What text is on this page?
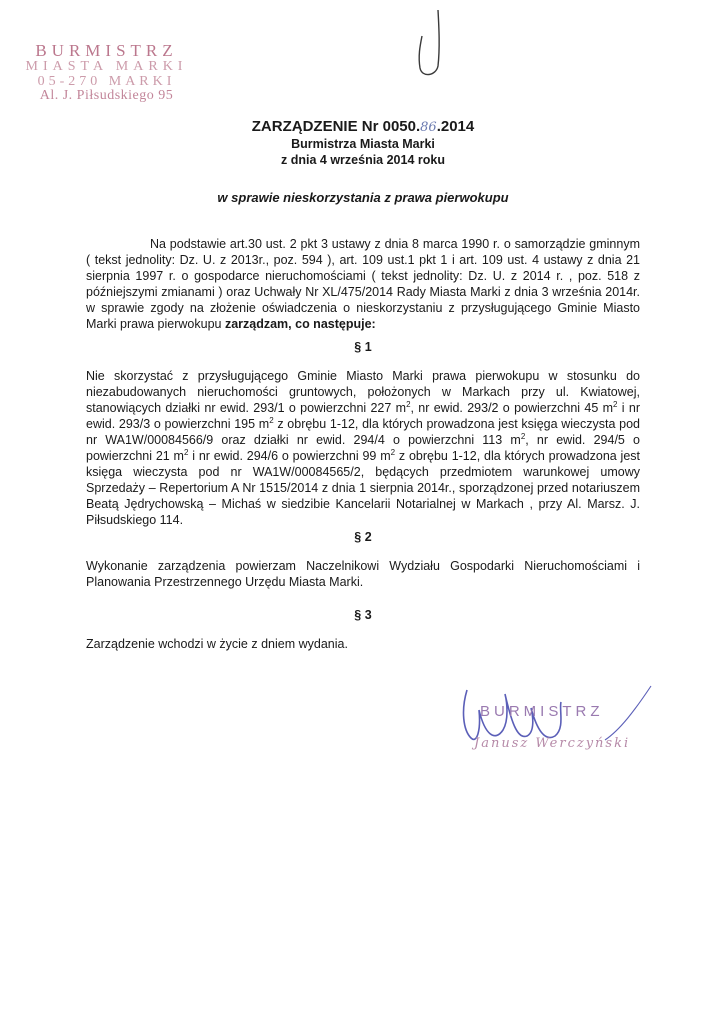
BURMISTRZ
MIASTA MARKI
05-270 MARKI
Al. J. Piłsudskiego 95
ZARZĄDZENIE Nr 0050.86.2014
Burmistrza Miasta Marki
z dnia 4 września 2014 roku
w sprawie nieskorzystania z prawa pierwokupu

Na podstawie art.30 ust. 2 pkt 3 ustawy z dnia 8 marca 1990 r. o samorządzie gminnym ( tekst jednolity: Dz. U. z 2013r., poz. 594 ), art. 109 ust.1 pkt 1 i art. 109 ust. 4 ustawy z dnia 21 sierpnia 1997 r. o gospodarce nieruchomościami ( tekst jednolity: Dz. U. z 2014 r. , poz. 518 z późniejszymi zmianami ) oraz Uchwały Nr XL/475/2014 Rady Miasta Marki z dnia 3 września 2014r. w sprawie zgody na złożenie oświadczenia o nieskorzystaniu z przysługującego Gminie Miasto Marki prawa pierwokupu zarządzam, co następuje:

§ 1

Nie skorzystać z przysługującego Gminie Miasto Marki prawa pierwokupu w stosunku do niezabudowanych nieruchomości gruntowych, położonych w Markach przy ul. Kwiatowej, stanowiących działki nr ewid. 293/1 o powierzchni 227 $m^2$, nr ewid. 293/2 o powierzchni 45 $m^2$ i nr ewid. 293/3 o powierzchni 195 $m^2$ z obrębu 1-12, dla których prowadzona jest księga wieczysta pod nr WA1W/00084566/9 oraz działki nr ewid. 294/4 o powierzchni 113 $m^2$, nr ewid. 294/5 o powierzchni 21 $m^2$ i nr ewid. 294/6 o powierzchni 99 $m^2$ z obrębu 1-12, dla których prowadzona jest księga wieczysta pod nr WA1W/00084565/2, będących przedmiotem warunkowej umowy Sprzedaży – Repertorium A Nr 1515/2014 z dnia 1 sierpnia 2014r., sporządzonej przed notariuszem Beatą Jędrychowską – Michaś w siedzibie Kancelarii Notarialnej w Markach , przy Al. Marsz. J. Piłsudskiego 114.

§ 2

Wykonanie zarządzenia powierzam Naczelnikowi Wydziału Gospodarki Nieruchomościami i Planowania Przestrzennego Urzędu Miasta Marki.

§ 3

Zarządzenie wchodzi w życie z dniem wydania.

BURMISTRZ
Janusz Werczyński
